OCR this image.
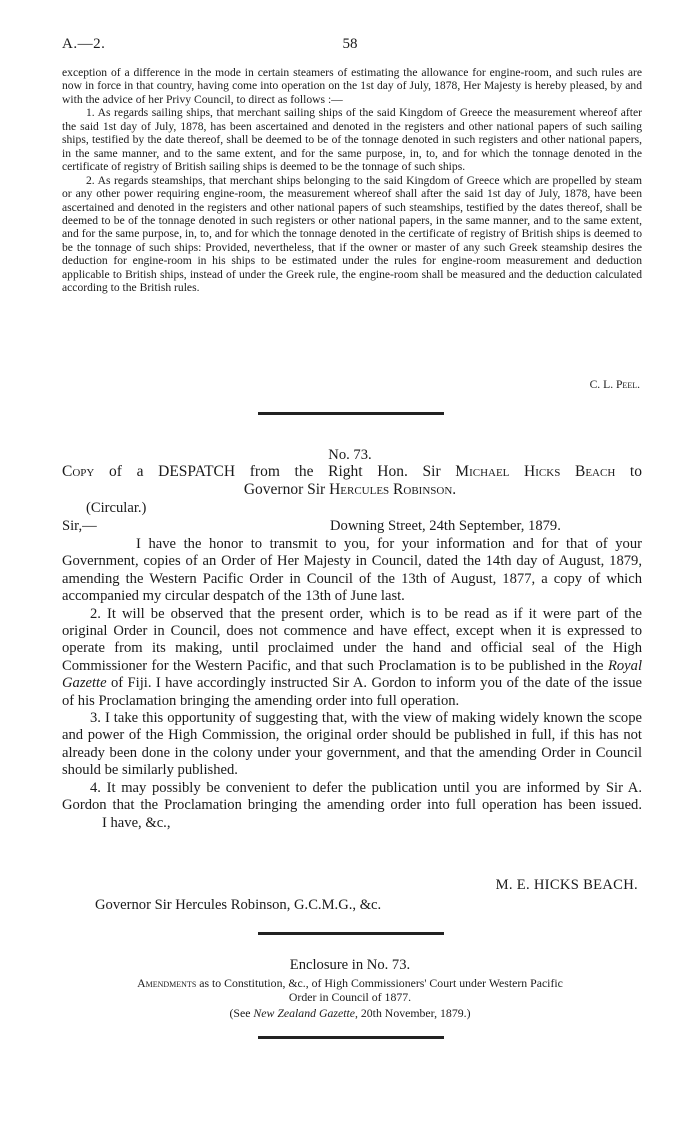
A.—2.	58

exception of a difference in the mode in certain steamers of estimating the allowance for engine-room, and such rules are now in force in that country, having come into operation on the 1st day of July, 1878, Her Majesty is hereby pleased, by and with the advice of her Privy Council, to direct as follows :—

1. As regards sailing ships, that merchant sailing ships of the said Kingdom of Greece the measurement whereof after the said 1st day of July, 1878, has been ascertained and denoted in the registers and other national papers of such sailing ships, testified by the date thereof, shall be deemed to be of the tonnage denoted in such registers and other national papers, in the same manner, and to the same extent, and for the same purpose, in, to, and for which the tonnage denoted in the certificate of registry of British sailing ships is deemed to be the tonnage of such ships.

2. As regards steamships, that merchant ships belonging to the said Kingdom of Greece which are propelled by steam or any other power requiring engine-room, the measurement whereof shall after the said 1st day of July, 1878, have been ascertained and denoted in the registers and other national papers of such steamships, testified by the dates thereof, shall be deemed to be of the tonnage denoted in such registers or other national papers, in the same manner, and to the same extent, and for the same purpose, in, to, and for which the tonnage denoted in the certificate of registry of British ships is deemed to be the tonnage of such ships: Provided, nevertheless, that if the owner or master of any such Greek steamship desires the deduction for engine-room in his ships to be estimated under the rules for engine-room measurement and deduction applicable to British ships, instead of under the Greek rule, the engine-room shall be measured and the deduction calculated according to the British rules.

C. L. Peel.
No. 73.
Copy of a DESPATCH from the Right Hon. Sir Michael Hicks Beach to
Governor Sir Hercules Robinson.
(Circular.)
Sir,—	Downing Street, 24th September, 1879.

I have the honor to transmit to you, for your information and for that of your Government, copies of an Order of Her Majesty in Council, dated the 14th day of August, 1879, amending the Western Pacific Order in Council of the 13th of August, 1877, a copy of which accompanied my circular despatch of the 13th of June last.

2. It will be observed that the present order, which is to be read as if it were part of the original Order in Council, does not commence and have effect, except when it is expressed to operate from its making, until proclaimed under the hand and official seal of the High Commissioner for the Western Pacific, and that such Proclamation is to be published in the Royal Gazette of Fiji. I have accordingly instructed Sir A. Gordon to inform you of the date of the issue of his Proclamation bringing the amending order into full operation.

3. I take this opportunity of suggesting that, with the view of making widely known the scope and power of the High Commission, the original order should be published in full, if this has not already been done in the colony under your government, and that the amending Order in Council should be similarly published.

4. It may possibly be convenient to defer the publication until you are informed by Sir A. Gordon that the Proclamation bringing the amending order into full operation has been issued.I have, &c.,

M. E. HICKS BEACH.
Governor Sir Hercules Robinson, G.C.M.G., &c.
Enclosure in No. 73.
Amendments as to Constitution, &c., of High Commissioners' Court under Western Pacific
Order in Council of 1877.
(See New Zealand Gazette, 20th November, 1879.)
